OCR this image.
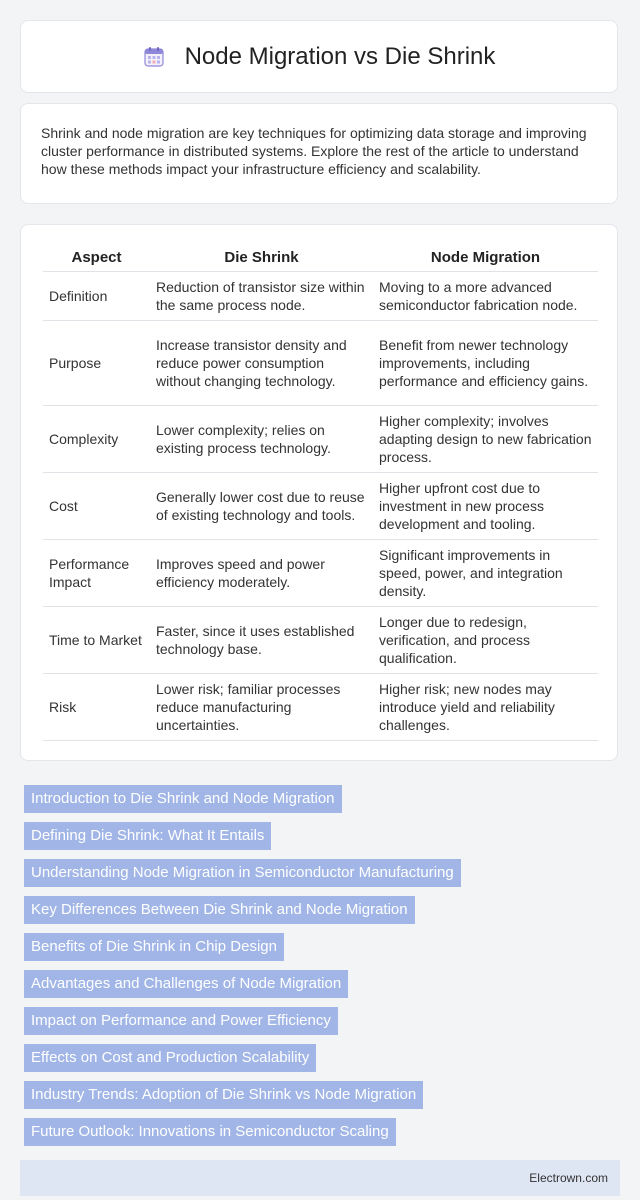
Node Migration vs Die Shrink

Shrink and node migration are key techniques for optimizing data storage and improving cluster performance in distributed systems. Explore the rest of the article to understand how these methods impact your infrastructure efficiency and scalability.

Aspect	Die Shrink	Node Migration
Definition	Reduction of transistor size within the same process node.	Moving to a more advanced semiconductor fabrication node.
Purpose	Increase transistor density and reduce power consumption without changing technology.	Benefit from newer technology improvements, including performance and efficiency gains.
Complexity	Lower complexity; relies on existing process technology.	Higher complexity; involves adapting design to new fabrication process.
Cost	Generally lower cost due to reuse of existing technology and tools.	Higher upfront cost due to investment in new process development and tooling.
Performance Impact	Improves speed and power efficiency moderately.	Significant improvements in speed, power, and integration density.
Time to Market	Faster, since it uses established technology base.	Longer due to redesign, verification, and process qualification.
Risk	Lower risk; familiar processes reduce manufacturing uncertainties.	Higher risk; new nodes may introduce yield and reliability challenges.
Introduction to Die Shrink and Node Migration
Defining Die Shrink: What It Entails
Understanding Node Migration in Semiconductor Manufacturing
Key Differences Between Die Shrink and Node Migration
Benefits of Die Shrink in Chip Design
Advantages and Challenges of Node Migration
Impact on Performance and Power Efficiency
Effects on Cost and Production Scalability
Industry Trends: Adoption of Die Shrink vs Node Migration
Future Outlook: Innovations in Semiconductor Scaling
Electrown.com
